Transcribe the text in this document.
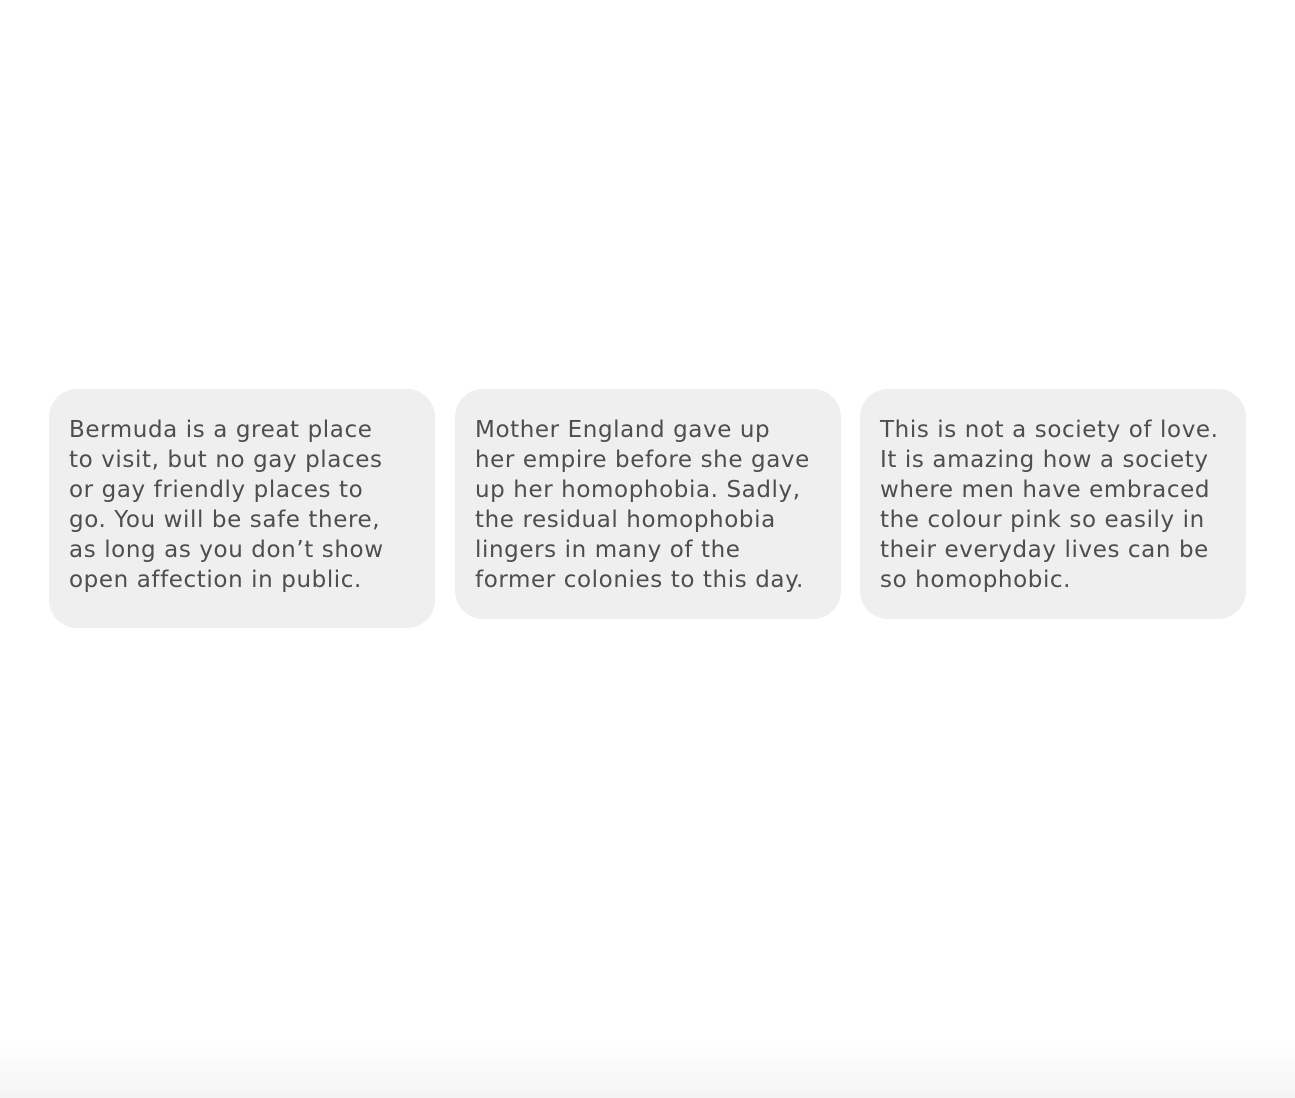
Bermuda is a great place
to visit, but no gay places
or gay friendly places to
go. You will be safe there,
as long as you don’t show
open affection in public.

Mother England gave up
her empire before she gave
up her homophobia. Sadly,
the residual homophobia
lingers in many of the
former colonies to this day.

This is not a society of love.
It is amazing how a society
where men have embraced
the colour pink so easily in
their everyday lives can be
so homophobic.
